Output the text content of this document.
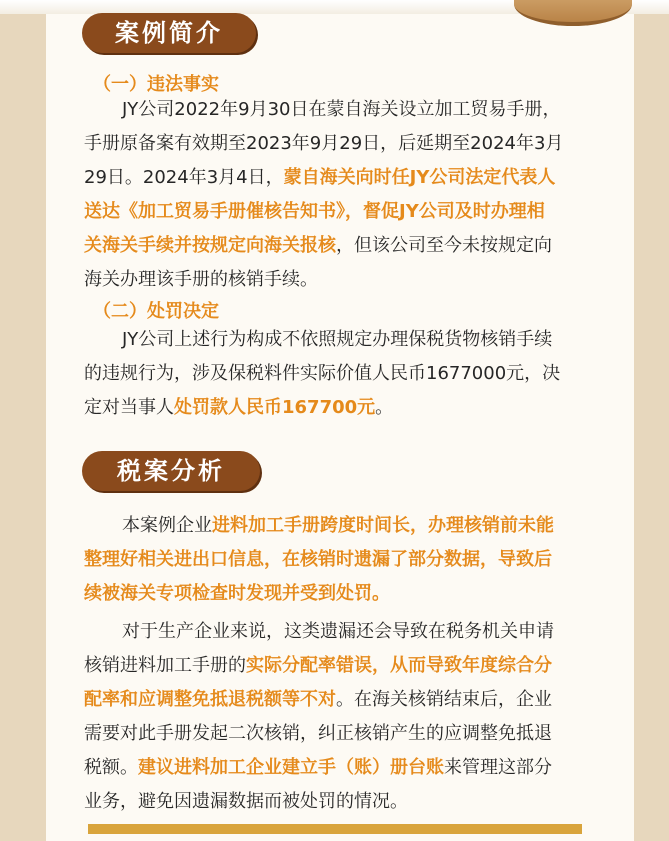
案例简介
（一）违法事实
JY公司2022年9月30日在蒙自海关设立加工贸易手册，
手册原备案有效期至2023年9月29日，后延期至2024年3月
29日。2024年3月4日，蒙自海关向时任JY公司法定代表人
送达《加工贸易手册催核告知书》，督促JY公司及时办理相
关海关手续并按规定向海关报核，但该公司至今未按规定向
海关办理该手册的核销手续。
（二）处罚决定
JY公司上述行为构成不依照规定办理保税货物核销手续
的违规行为，涉及保税料件实际价值人民币1677000元，决
定对当事人处罚款人民币167700元。
税案分析
本案例企业进料加工手册跨度时间长，办理核销前未能
整理好相关进出口信息，在核销时遗漏了部分数据，导致后
续被海关专项检查时发现并受到处罚。
对于生产企业来说，这类遗漏还会导致在税务机关申请
核销进料加工手册的实际分配率错误，从而导致年度综合分
配率和应调整免抵退税额等不对。在海关核销结束后，企业
需要对此手册发起二次核销，纠正核销产生的应调整免抵退
税额。建议进料加工企业建立手（账）册台账来管理这部分
业务，避免因遗漏数据而被处罚的情况。
